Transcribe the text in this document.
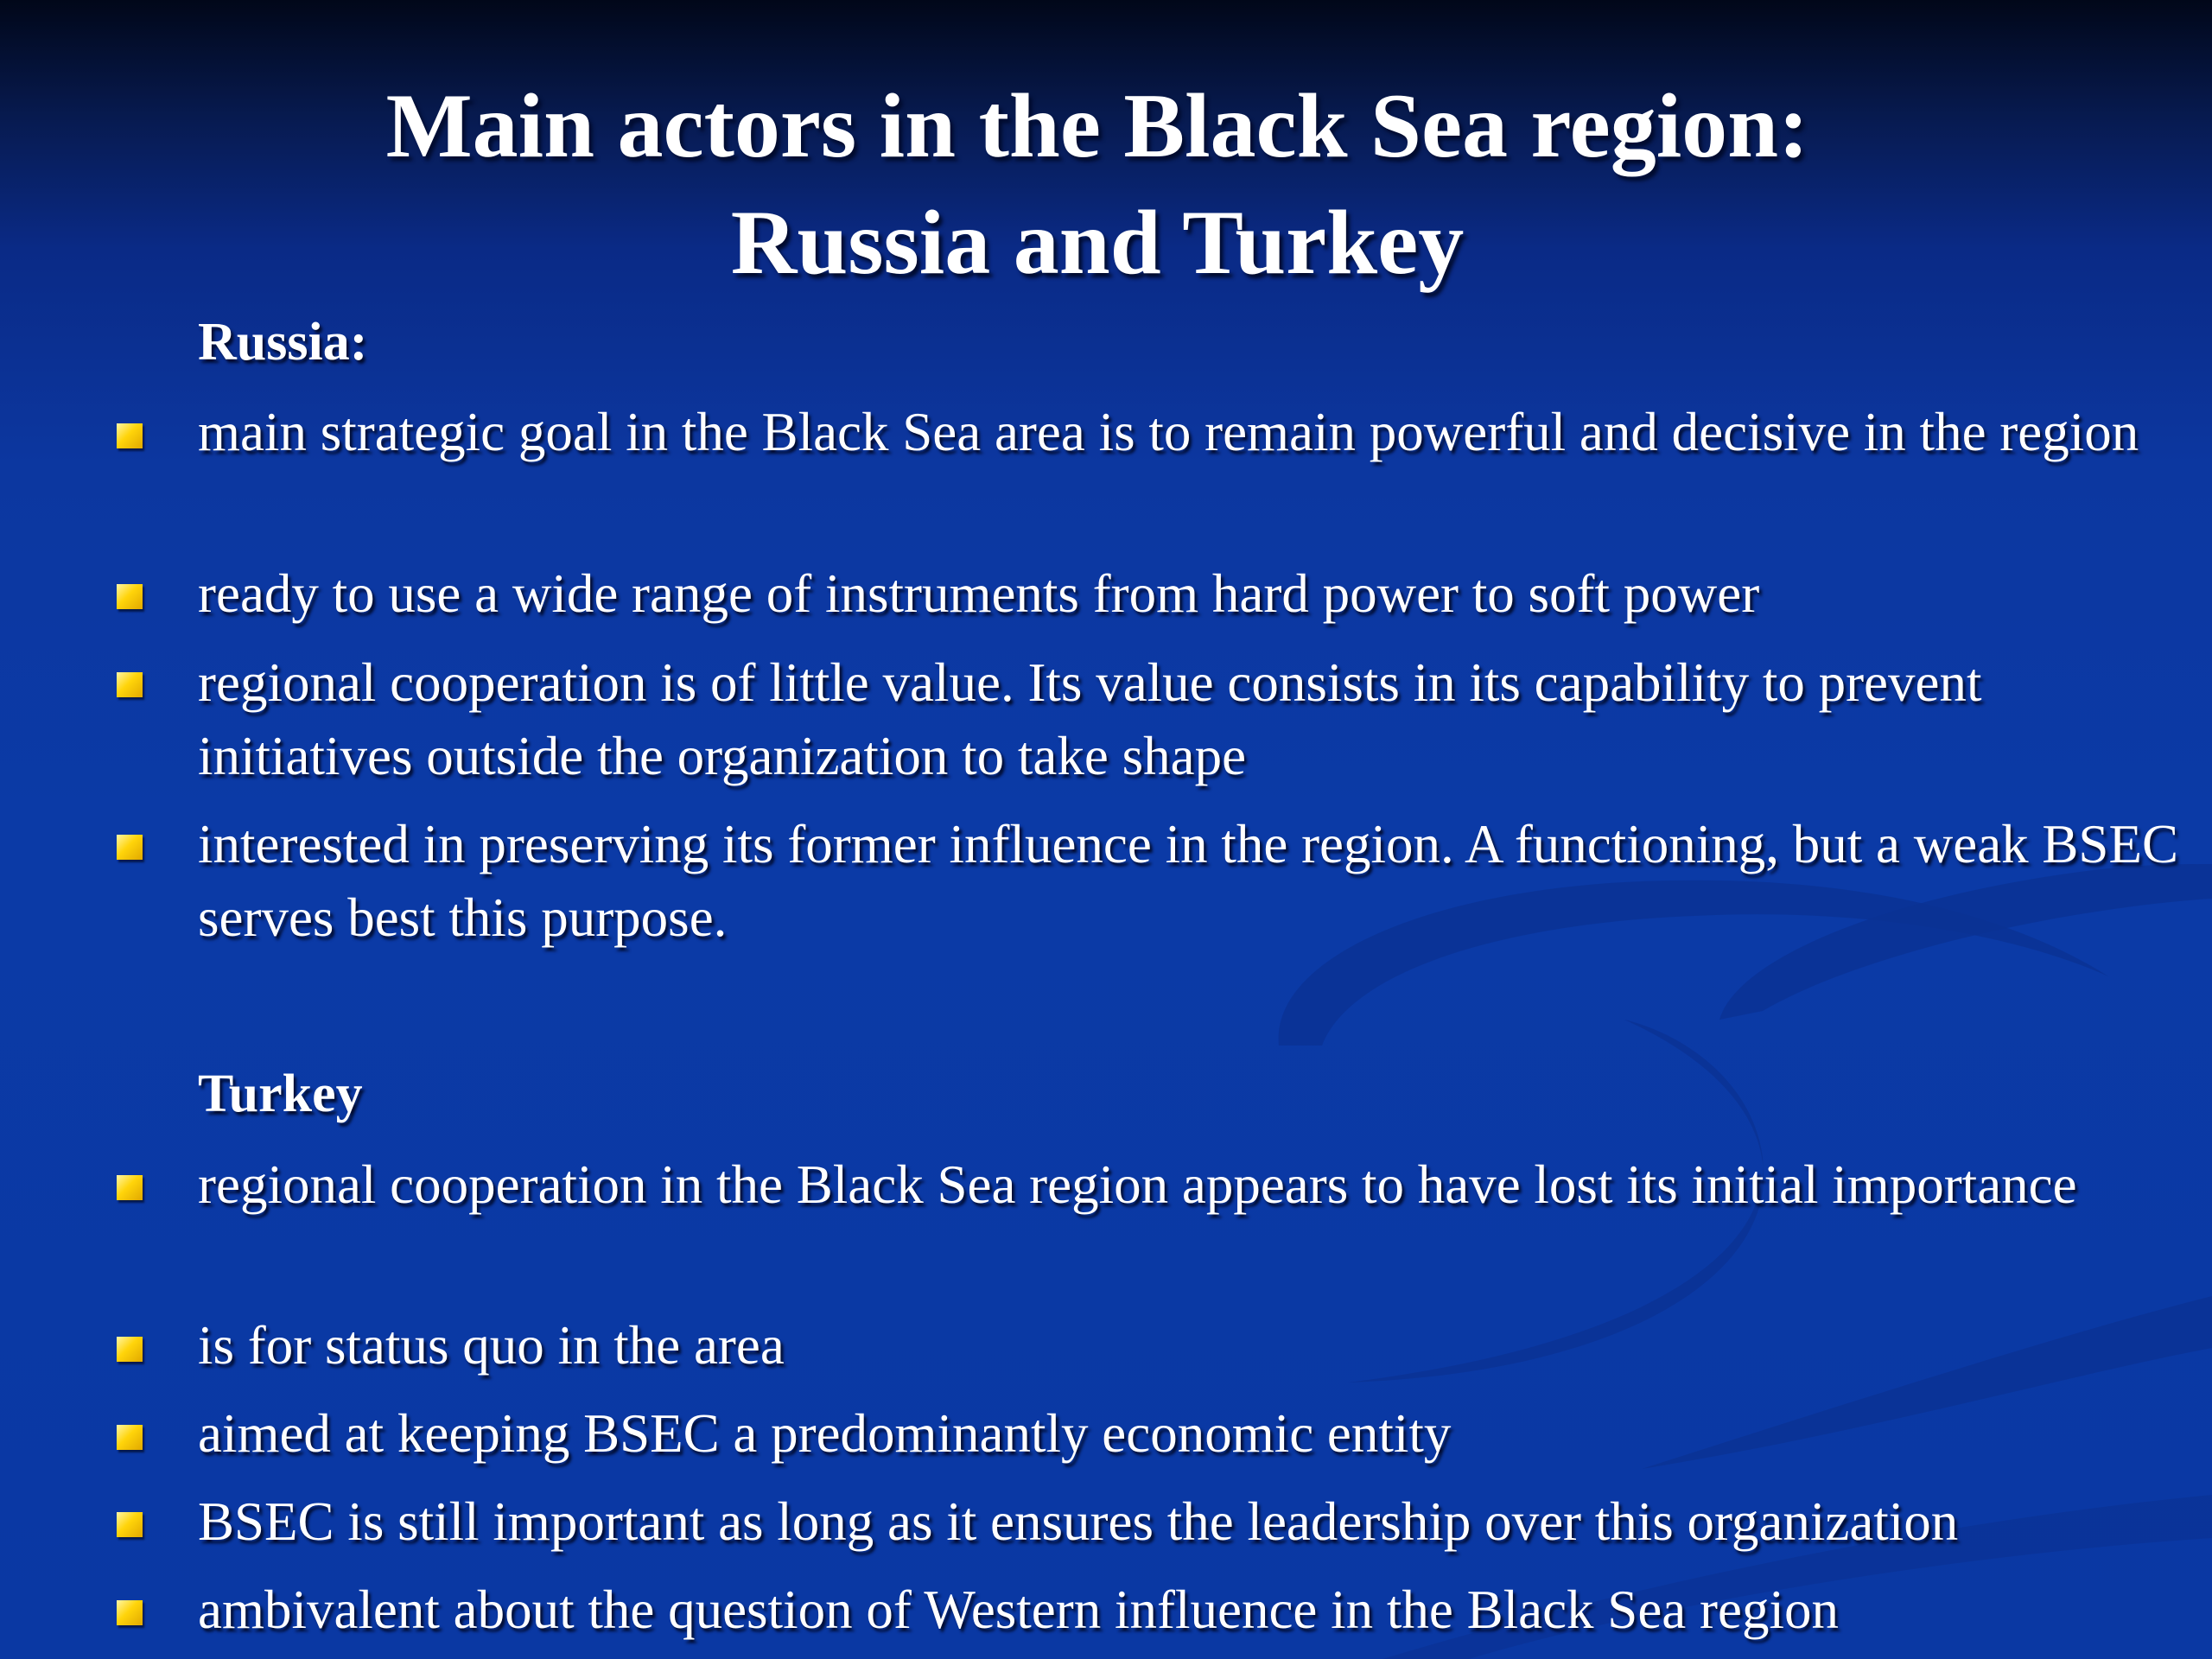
Main actors in the Black Sea region:
Russia and Turkey
Russia:
main strategic goal in the Black Sea area is to remain powerful and decisive in the region
ready to use a wide range of instruments from hard power to soft power
regional cooperation is of little value. Its value consists in its capability to prevent initiatives outside the organization to take shape
interested in preserving its former influence in the region. A functioning, but a weak BSEC serves best this purpose.
Turkey
regional cooperation in the Black Sea region appears to have lost its initial importance
is for status quo in the area
aimed at keeping BSEC a predominantly economic entity
BSEC is still important as long as it ensures the leadership over this organization
ambivalent about the question of Western influence in the Black Sea region
